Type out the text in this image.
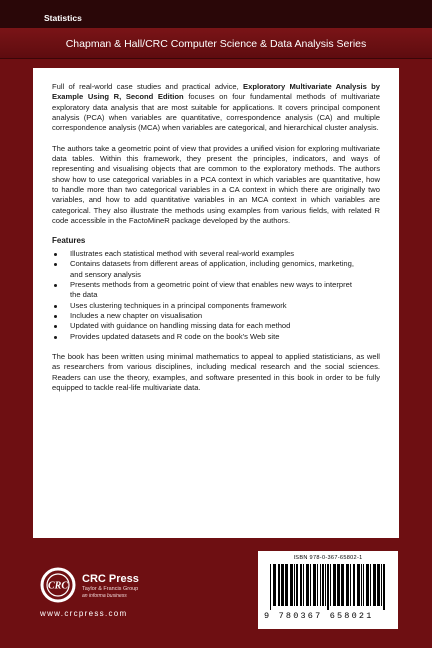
Statistics
Chapman & Hall/CRC Computer Science & Data Analysis Series

Full of real-world case studies and practical advice, Exploratory Multivariate Analysis by Example Using R, Second Edition focuses on four fundamental methods of multivariate exploratory data analysis that are most suitable for applications. It covers principal component analysis (PCA) when variables are quantitative, correspondence analysis (CA) and multiple correspondence analysis (MCA) when variables are categorical, and hierarchical cluster analysis.

The authors take a geometric point of view that provides a unified vision for exploring multivariate data tables. Within this framework, they present the principles, indicators, and ways of representing and visualising objects that are common to the exploratory methods. The authors show how to use categorical variables in a PCA context in which variables are quantitative, how to handle more than two categorical variables in a CA context in which there are originally two variables, and how to add quantitative variables in an MCA context in which variables are categorical. They also illustrate the methods using examples from various fields, with related R code accessible in the FactoMineR package developed by the authors.

Features
Illustrates each statistical method with several real-world examples
Contains datasets from different areas of application, including genomics, marketing, and sensory analysis
Presents methods from a geometric point of view that enables new ways to interpret the data
Uses clustering techniques in a principal components framework
Includes a new chapter on visualisation
Updated with guidance on handling missing data for each method
Provides updated datasets and R code on the book's Web site

The book has been written using minimal mathematics to appeal to applied statisticians, as well as researchers from various disciplines, including medical research and the social sciences. Readers can use the theory, examples, and software presented in this book in order to be fully equipped to tackle real-life multivariate data.

CRC
CRC Press
Taylor & Francis Group
an informa business
www.crcpress.com
ISBN 978-0-367-65802-1
9 780367 658021
